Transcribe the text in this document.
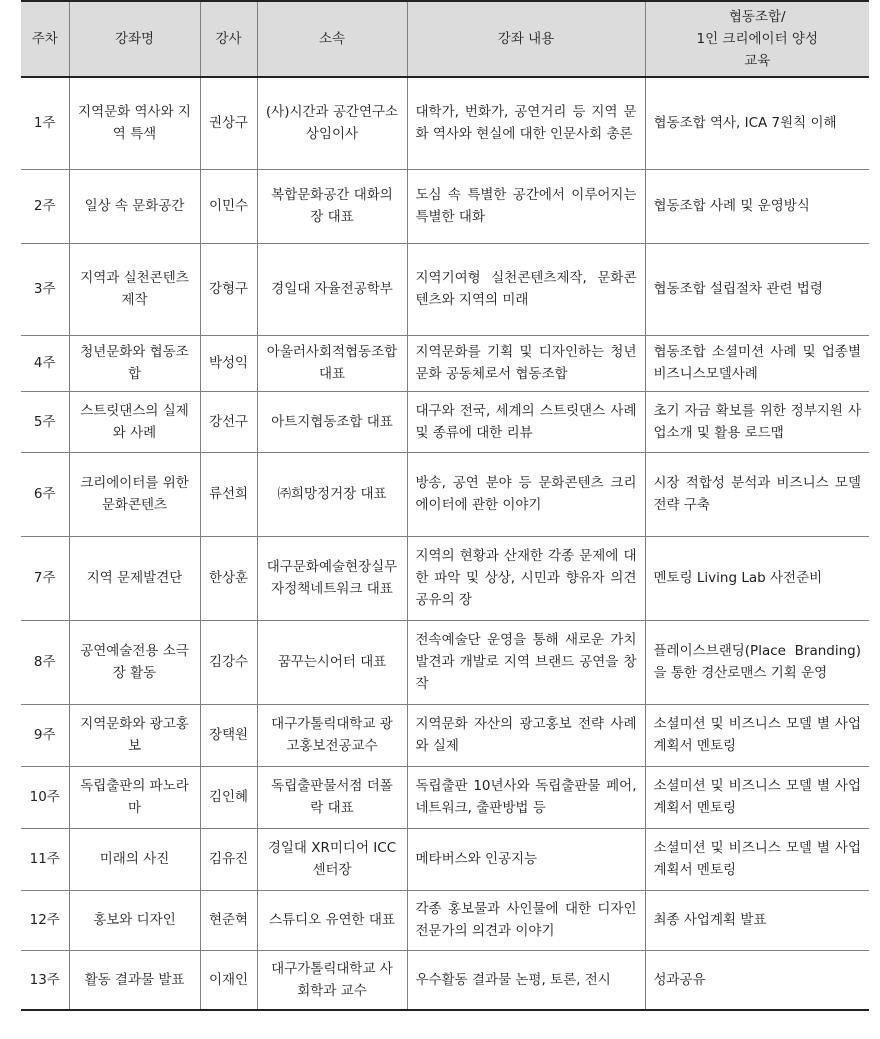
주차	강좌명	강사	소속	강좌 내용	협동조합/
1인 크리에이터 양성
교육
1주	지역문화 역사와 지역 특색	권상구	(사)시간과 공간연구소 상임이사	대학가, 번화가, 공연거리 등 지역 문화 역사와 현실에 대한 인문사회 총론	협동조합 역사, ICA 7원칙 이해
2주	일상 속 문화공간	이민수	복합문화공간 대화의장 대표	도심 속 특별한 공간에서 이루어지는 특별한 대화	협동조합 사례 및 운영방식
3주	지역과 실천콘텐츠 제작	강형구	경일대 자율전공학부	지역기여형 실천콘텐츠제작, 문화콘텐츠와 지역의 미래	협동조합 설립절차 관련 법령
4주	청년문화와 협동조합	박성익	아울러사회적협동조합 대표	지역문화를 기획 및 디자인하는 청년문화 공동체로서 협동조합	협동조합 소셜미션 사례 및 업종별 비즈니스모델사례
5주	스트릿댄스의 실제와 사례	강선구	아트지협동조합 대표	대구와 전국, 세계의 스트릿댄스 사례 및 종류에 대한 리뷰	초기 자금 확보를 위한 정부지원 사업소개 및 활용 로드맵
6주	크리에이터를 위한 문화콘텐츠	류선희	㈜희망정거장 대표	방송, 공연 분야 등 문화콘텐츠 크리에이터에 관한 이야기	시장 적합성 분석과 비즈니스 모델 전략 구축
7주	지역 문제발견단	한상훈	대구문화예술현장실무자정책네트워크 대표	지역의 현황과 산재한 각종 문제에 대한 파악 및 상상, 시민과 향유자 의견 공유의 장	멘토링 Living Lab 사전준비
8주	공연예술전용 소극장 활동	김강수	꿈꾸는시어터 대표	전속예술단 운영을 통해 새로운 가치발견과 개발로 지역 브랜드 공연을 창작	플레이스브랜딩(Place Branding)을 통한 경산로맨스 기획 운영
9주	지역문화와 광고홍보	장택원	대구가톨릭대학교 광고홍보전공교수	지역문화 자산의 광고홍보 전략 사례와 실제	소셜미션 및 비즈니스 모델 별 사업계획서 멘토링
10주	독립출판의 파노라마	김인혜	독립출판물서점 더폴락 대표	독립출판 10년사와 독립출판물 페어, 네트워크, 출판방법 등	소셜미션 및 비즈니스 모델 별 사업계획서 멘토링
11주	미래의 사진	김유진	경일대 XR미디어 ICC 센터장	메타버스와 인공지능	소셜미션 및 비즈니스 모델 별 사업계획서 멘토링
12주	홍보와 디자인	현준혁	스튜디오 유연한 대표	각종 홍보물과 사인물에 대한 디자인 전문가의 의견과 이야기	최종 사업계획 발표
13주	활동 결과물 발표	이재인	대구가톨릭대학교 사회학과 교수	우수활동 결과물 논평, 토론, 전시	성과공유
